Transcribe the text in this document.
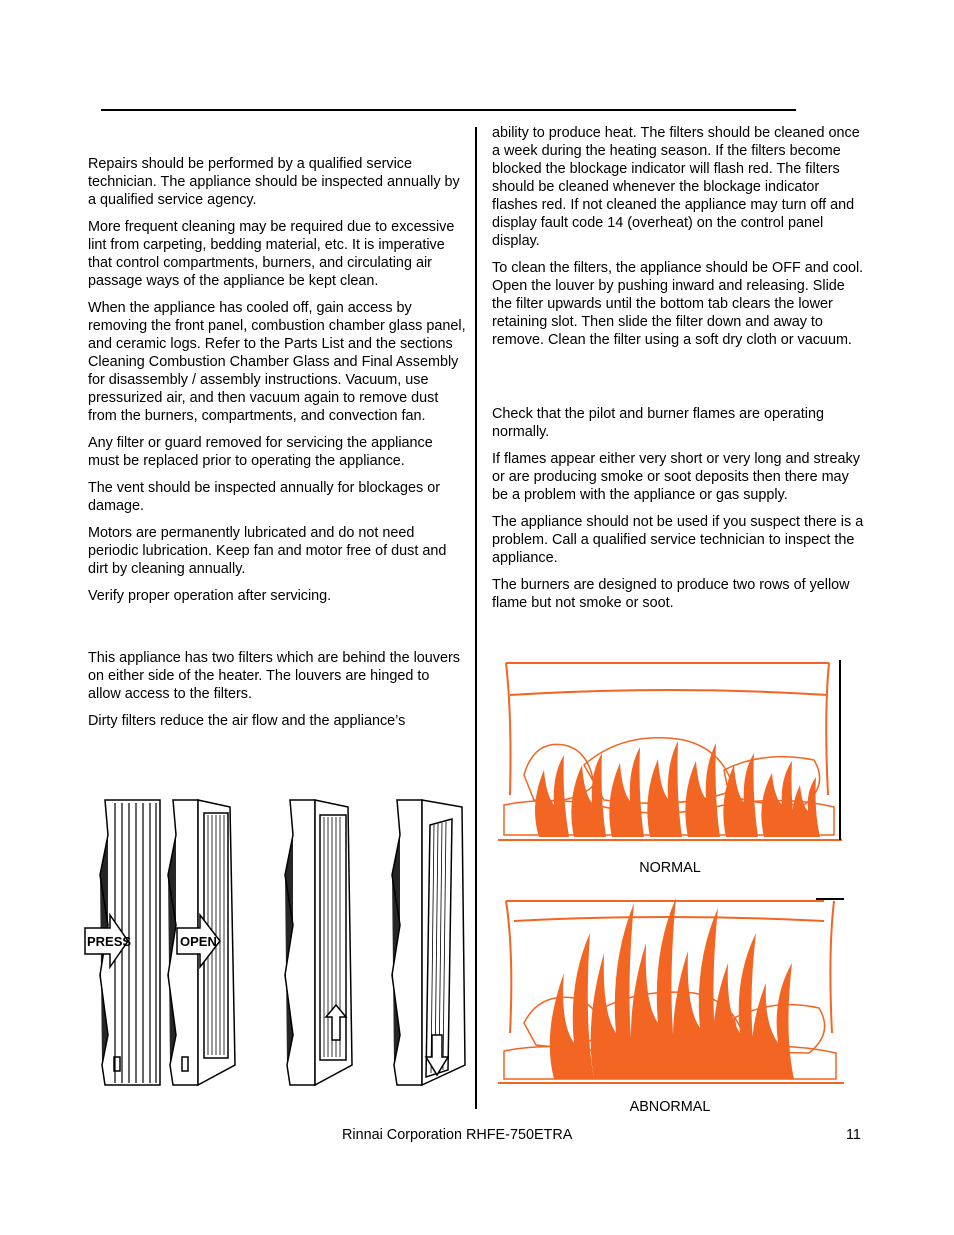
Repairs should be performed by a qualified service technician. The appliance should be inspected annually by a qualified service agency.

More frequent cleaning may be required due to excessive lint from carpeting, bedding material, etc. It is imperative that control compartments, burners, and circulating air passage ways of the appliance be kept clean.

When the appliance has cooled off, gain access by removing the front panel, combustion chamber glass panel, and ceramic logs. Refer to the Parts List and the sections Cleaning Combustion Chamber Glass and Final Assembly for disassembly / assembly instructions. Vacuum, use pressurized air, and then vacuum again to remove dust from the burners, compartments, and convection fan.

Any filter or guard removed for servicing the appliance must be replaced prior to operating the appliance.

The vent should be inspected annually for blockages or damage.

Motors are permanently lubricated and do not need periodic lubrication. Keep fan and motor free of dust and dirt by cleaning annually.

Verify proper operation after servicing.

This appliance has two filters which are behind the louvers on either side of the heater. The louvers are hinged to allow access to the filters.

Dirty filters reduce the air flow and the appliance’s

ability to produce heat. The filters should be cleaned once a week during the heating season. If the filters become blocked the blockage indicator will flash red. The filters should be cleaned whenever the blockage indicator flashes red. If not cleaned the appliance may turn off and display fault code 14 (overheat) on the control panel display.

To clean the filters, the appliance should be OFF and cool. Open the louver by pushing inward and releasing. Slide the filter upwards until the bottom tab clears the lower retaining slot. Then slide the filter down and away to remove. Clean the filter using a soft dry cloth or vacuum.

Check that the pilot and burner flames are operating normally.

If flames appear either very short or very long and streaky or are producing smoke or soot deposits then there may be a problem with the appliance or gas supply.

The appliance should not be used if you suspect there is a problem. Call a qualified service technician to inspect the appliance.

The burners are designed to produce two rows of yellow flame but not smoke or soot.

PRESS	OPEN
NORMAL
ABNORMAL
Rinnai Corporation RHFE-750ETRA	11
